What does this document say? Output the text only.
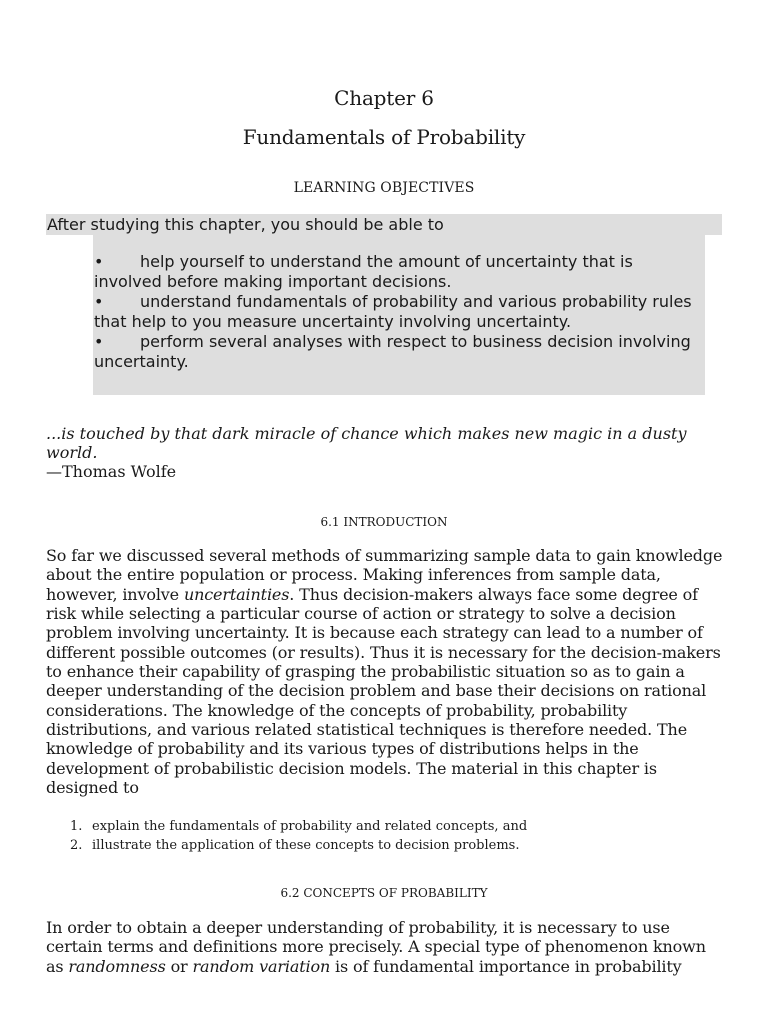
Chapter 6
Fundamentals of Probability
LEARNING OBJECTIVES
After studying this chapter, you should be able to

• help yourself to understand the amount of uncertainty that is involved before making important decisions.

• understand fundamentals of probability and various probability rules that help to you measure uncertainty involving uncertainty.

• perform several analyses with respect to business decision involving uncertainty.

...is touched by that dark miracle of chance which makes new magic in a dusty world.
—Thomas Wolfe
6.1 INTRODUCTION
So far we discussed several methods of summarizing sample data to gain knowledge about the entire population or process. Making inferences from sample data, however, involve uncertainties. Thus decision-makers always face some degree of risk while selecting a particular course of action or strategy to solve a decision problem involving uncertainty. It is because each strategy can lead to a number of different possible outcomes (or results). Thus it is necessary for the decision-makers to enhance their capability of grasping the probabilistic situation so as to gain a deeper understanding of the decision problem and base their decisions on rational considerations. The knowledge of the concepts of probability, probability distributions, and various related statistical techniques is therefore needed. The knowledge of probability and its various types of distributions helps in the development of probabilistic decision models. The material in this chapter is designed to
1. explain the fundamentals of probability and related concepts, and
2. illustrate the application of these concepts to decision problems.
6.2 CONCEPTS OF PROBABILITY
In order to obtain a deeper understanding of probability, it is necessary to use certain terms and definitions more precisely. A special type of phenomenon known as randomness or random variation is of fundamental importance in probability
